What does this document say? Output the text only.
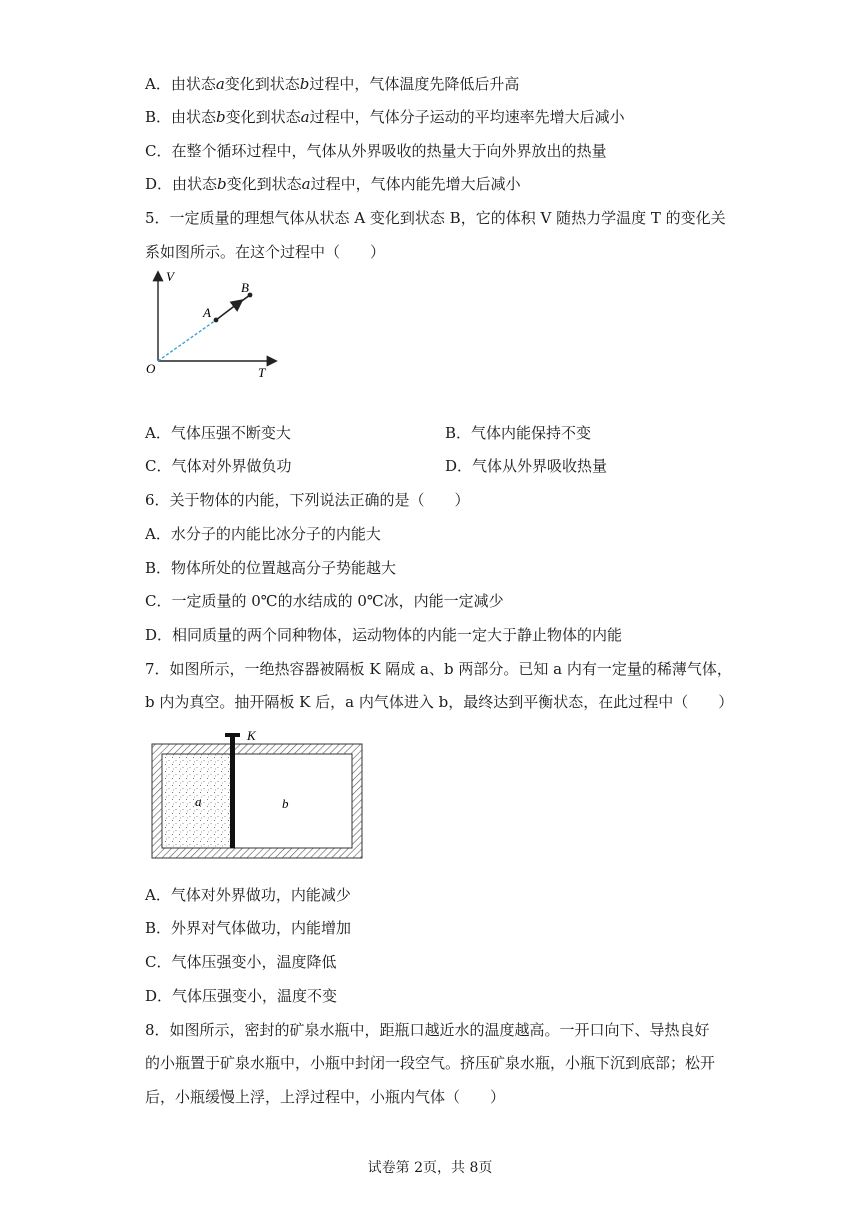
A．由状态𝑎变化到状态𝑏过程中，气体温度先降低后升高
B．由状态𝑏变化到状态𝑎过程中，气体分子运动的平均速率先增大后减小
C．在整个循环过程中，气体从外界吸收的热量大于向外界放出的热量
D．由状态𝑏变化到状态𝑎过程中，气体内能先增大后减小
5．一定质量的理想气体从状态 A 变化到状态 B，它的体积 V 随热力学温度 T 的变化关
系如图所示。在这个过程中（　　）
V
T
O
A
B
A．气体压强不断变大	B．气体内能保持不变
C．气体对外界做负功	D．气体从外界吸收热量
6．关于物体的内能，下列说法正确的是（　　）
A．水分子的内能比冰分子的内能大
B．物体所处的位置越高分子势能越大
C．一定质量的 0℃的水结成的 0℃冰，内能一定减少
D．相同质量的两个同种物体，运动物体的内能一定大于静止物体的内能
7．如图所示，一绝热容器被隔板 K 隔成 a、b 两部分。已知 a 内有一定量的稀薄气体，
b 内为真空。抽开隔板 K 后，a 内气体进入 b，最终达到平衡状态，在此过程中（　　）
K
a	b
A．气体对外界做功，内能减少
B．外界对气体做功，内能增加
C．气体压强变小，温度降低
D．气体压强变小，温度不变
8．如图所示，密封的矿泉水瓶中，距瓶口越近水的温度越高。一开口向下、导热良好
的小瓶置于矿泉水瓶中，小瓶中封闭一段空气。挤压矿泉水瓶，小瓶下沉到底部；松开
后，小瓶缓慢上浮，上浮过程中，小瓶内气体（　　）
试卷第 2页，共 8页
